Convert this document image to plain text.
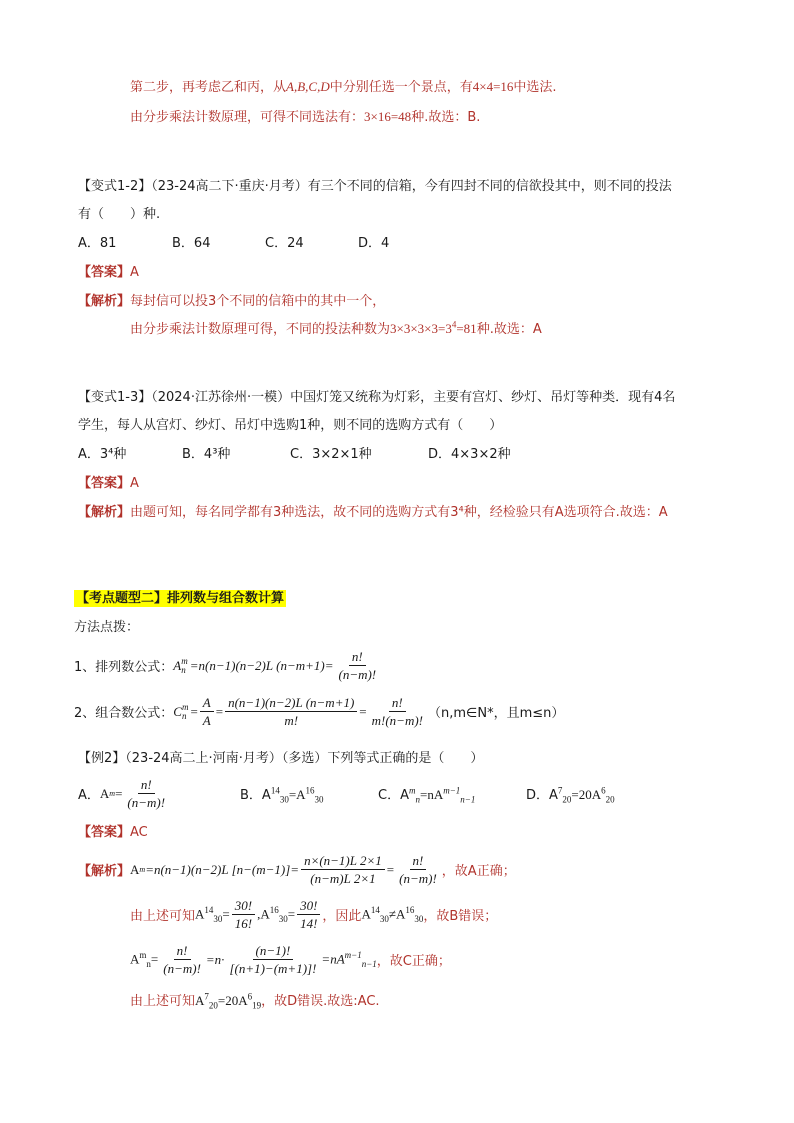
第二步，再考虑乙和丙，从A,B,C,D中分别任选一个景点，有4×4=16中选法.
由分步乘法计数原理，可得不同选法有：3×16=48种.故选：B.
【变式1-2】（23-24高二下·重庆·月考）有三个不同的信箱，今有四封不同的信欲投其中，则不同的投法
有（　　）种.
A．81	B．64	C．24	D．4
【答案】A
【解析】每封信可以投3个不同的信箱中的其中一个，
由分步乘法计数原理可得，不同的投法种数为$3\times 3\times 3\times 3=3^4=81$种.故选：A
【变式1-3】（2024·江苏徐州·一模）中国灯笼又统称为灯彩，主要有宫灯、纱灯、吊灯等种类．现有4名
学生，每人从宫灯、纱灯、吊灯中选购1种，则不同的选购方式有（　　）
A．3⁴种	B．4³种	C．3×2×1种	D．4×3×2种
【答案】A
【解析】由题可知，每名同学都有3种选法，故不同的选购方式有3⁴种，经检验只有A选项符合.故选：A
【考点题型二】排列数与组合数计算
方法点拨：
1、排列数公式： A m
n =n(n−1)(n−2)L $(n-m+1)= \frac{n!}{(n-m)!}$
2、组合数公式： C m
$n = \frac{A}{A} = \frac{n(n-1)(n-2)L (n-m+1)}{m!} = \frac{n!}{m!(n-m)!}$ （n,m∈N*，且m≤n）
【例2】（23-24高二上·河南·月考）（多选）下列等式正确的是（　　）
A． A $m = \frac{n!}{(n-m)!}$	B．$A^{14}_{30}=A^{16}_{30}$	C．$A^m_n=nA^{m-1}_{n-1}$	D．$A^7_{20}=20A^6_{20}$
【答案】AC
【解析】 A m =n(n−1)(n−2)L $[n-(m-1)]= \frac{n\times(n-1)L 2\times 1}{(n-m)L 2\times 1} = \frac{n!}{(n-m)!}$ ，故A正确；
由上述可知 $A^{14}_{30}= \frac{30!}{16!} ,A^{16}_{30}= \frac{30!}{14!}$ ，因此 $A^{14}_{30}\ne A^{16}_{30}$ ，故B错误；
$A^m_n= \frac{n!}{(n-m)!} =n\cdot \frac{(n-1)!}{[(n+1)-(m+1)]!} =nA^{m-1}_{n-1}$ ，故C正确；
由上述可知$A^7_{20}=20A^6_{19}$，故D错误.故选:AC.
